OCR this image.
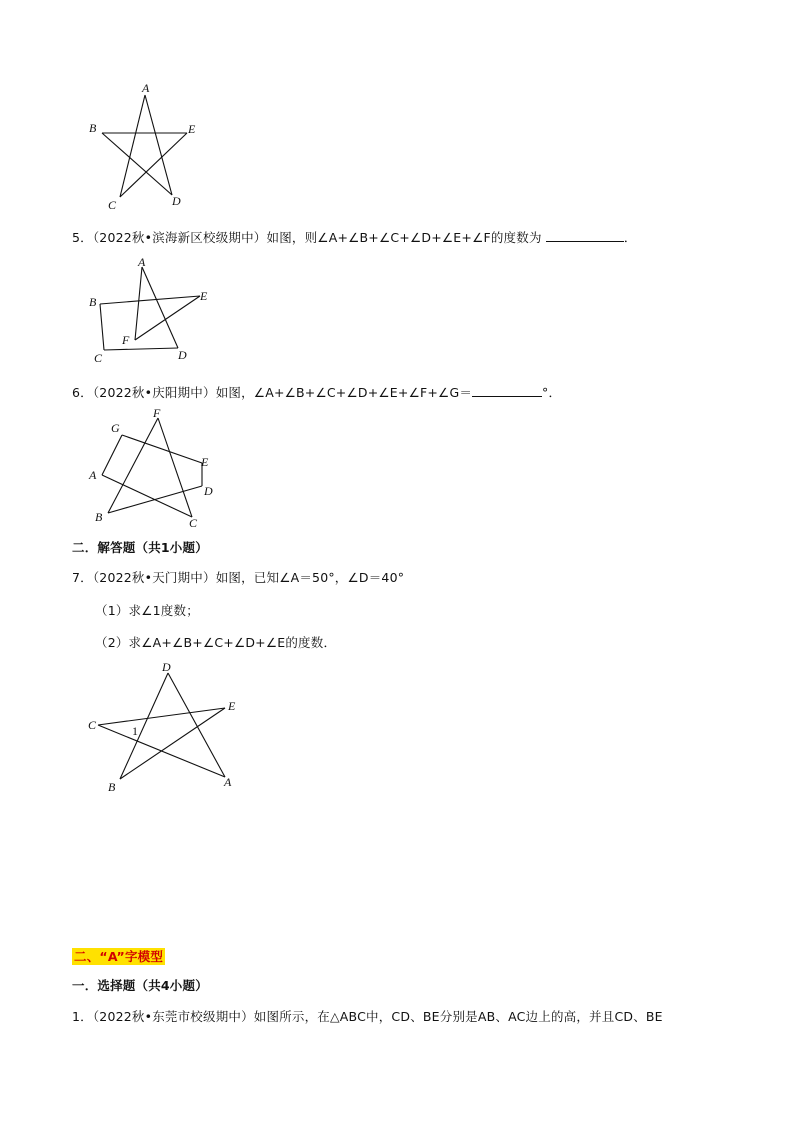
A
B	E
C	D
5．（2022秋•滨海新区校级期中）如图，则∠A+∠B+∠C+∠D+∠E+∠F的度数为	．
A
B	E
F
C	D
6．（2022秋•庆阳期中）如图，∠A+∠B+∠C+∠D+∠E+∠F+∠G＝	°．
F
G
E
A
D
B	C
二．解答题（共1小题）
7．（2022秋•天门期中）如图，已知∠A＝50°，∠D＝40°
（1）求∠1度数；
（2）求∠A+∠B+∠C+∠D+∠E的度数．
D
E
C	1
B	A
二、“A”字模型
一．选择题（共4小题）
1．（2022秋•东莞市校级期中）如图所示，在△ABC中，CD、BE分别是AB、AC边上的高，并且CD、BE
